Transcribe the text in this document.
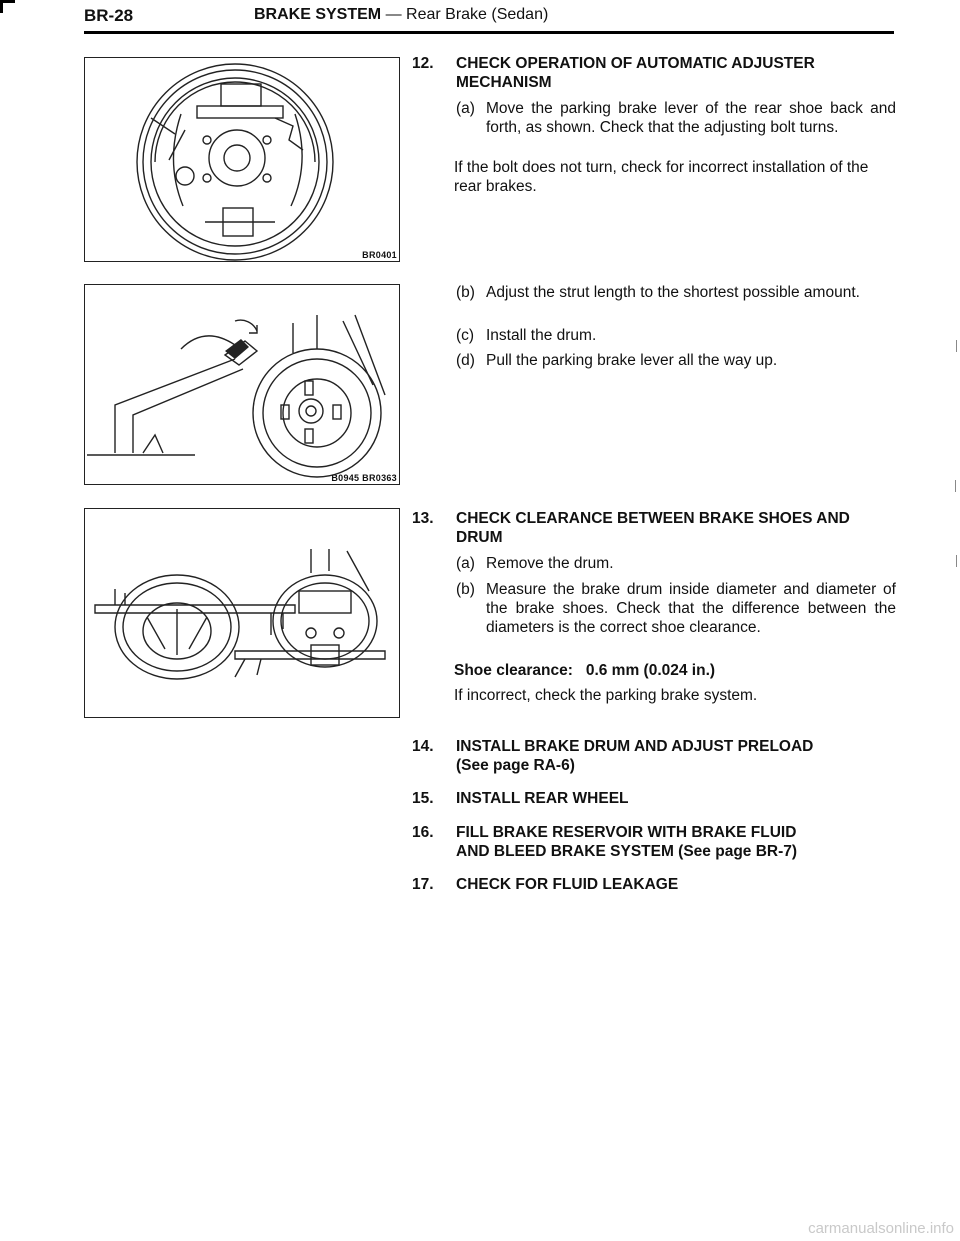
BR-28	BRAKE SYSTEM — Rear Brake (Sedan)
BR0401
B0945 BR0363
12. CHECK OPERATION OF AUTOMATIC ADJUSTER MECHANISM
(a) Move the parking brake lever of the rear shoe back and forth, as shown. Check that the adjusting bolt turns.
If the bolt does not turn, check for incorrect installation of the rear brakes.
(b) Adjust the strut length to the shortest possible amount.
(c) Install the drum.
(d) Pull the parking brake lever all the way up.
13. CHECK CLEARANCE BETWEEN BRAKE SHOES AND DRUM
(a) Remove the drum.
(b) Measure the brake drum inside diameter and diameter of the brake shoes. Check that the difference between the diameters is the correct shoe clearance.
Shoe clearance: 0.6 mm (0.024 in.)
If incorrect, check the parking brake system.
14. INSTALL BRAKE DRUM AND ADJUST PRELOAD
(See page RA-6)
15. INSTALL REAR WHEEL
16. FILL BRAKE RESERVOIR WITH BRAKE FLUID
AND BLEED BRAKE SYSTEM (See page BR-7)
17. CHECK FOR FLUID LEAKAGE
carmanualsonline.info
